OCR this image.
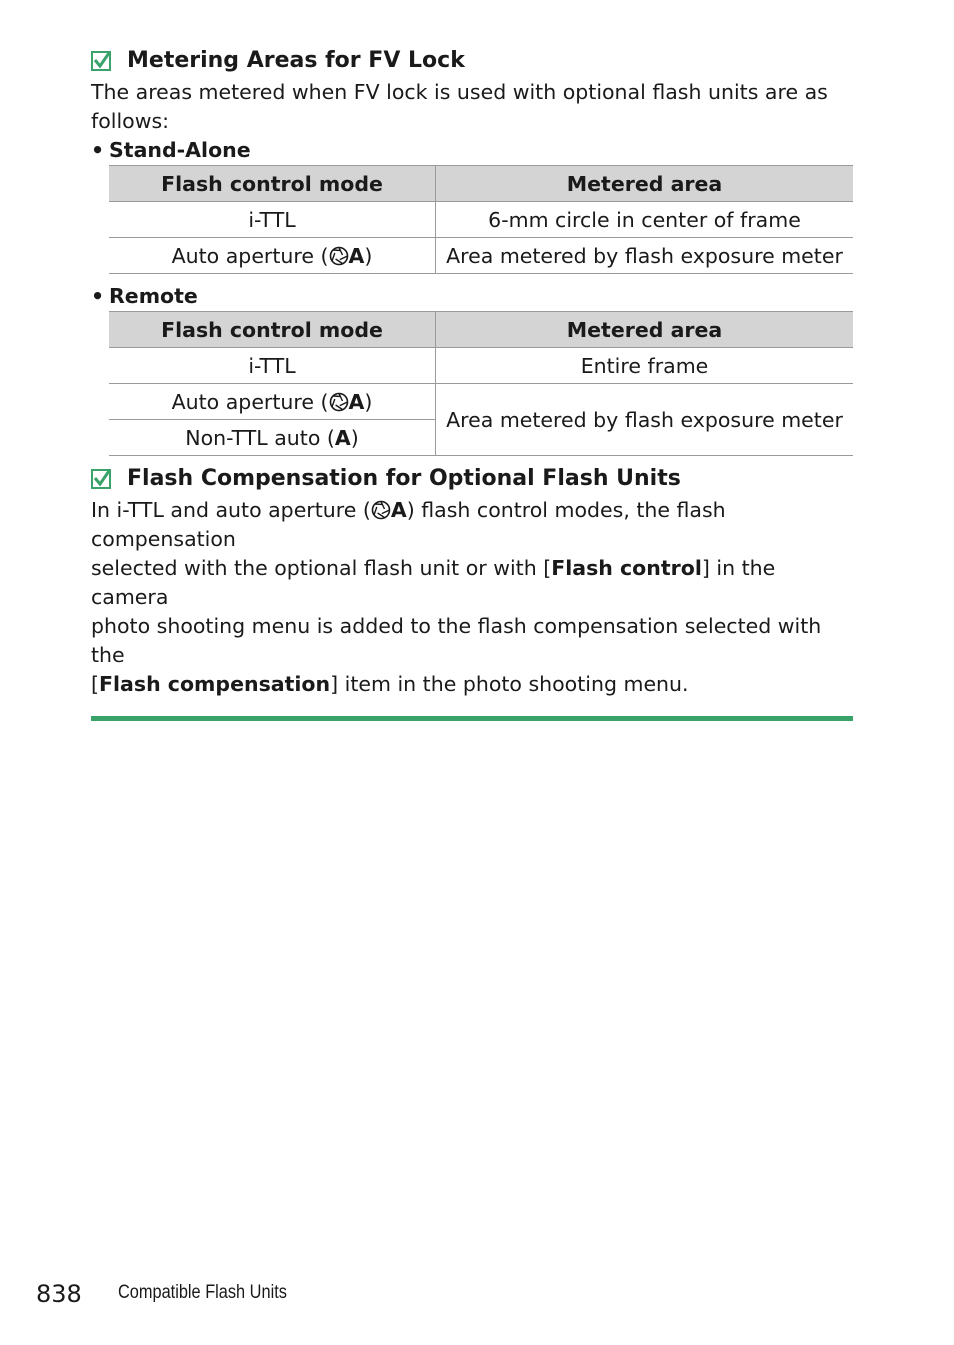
Metering Areas for FV Lock

The areas metered when FV lock is used with optional flash units are as

follows:

• Stand-Alone

Flash control mode	Metered area
i-TTL	6-mm circle in center of frame
Auto aperture ( A)	Area metered by flash exposure meter

• Remote

Flash control mode	Metered area
i-TTL	Entire frame
Auto aperture ( A)	Area metered by flash exposure meter
Non-TTL auto (A)	
Flash Compensation for Optional Flash Units

In i-TTL and auto aperture ( A) flash control modes, the flash compensation

selected with the optional flash unit or with [Flash control] in the camera

photo shooting menu is added to the flash compensation selected with the

[Flash compensation] item in the photo shooting menu.

838 Compatible Flash Units
